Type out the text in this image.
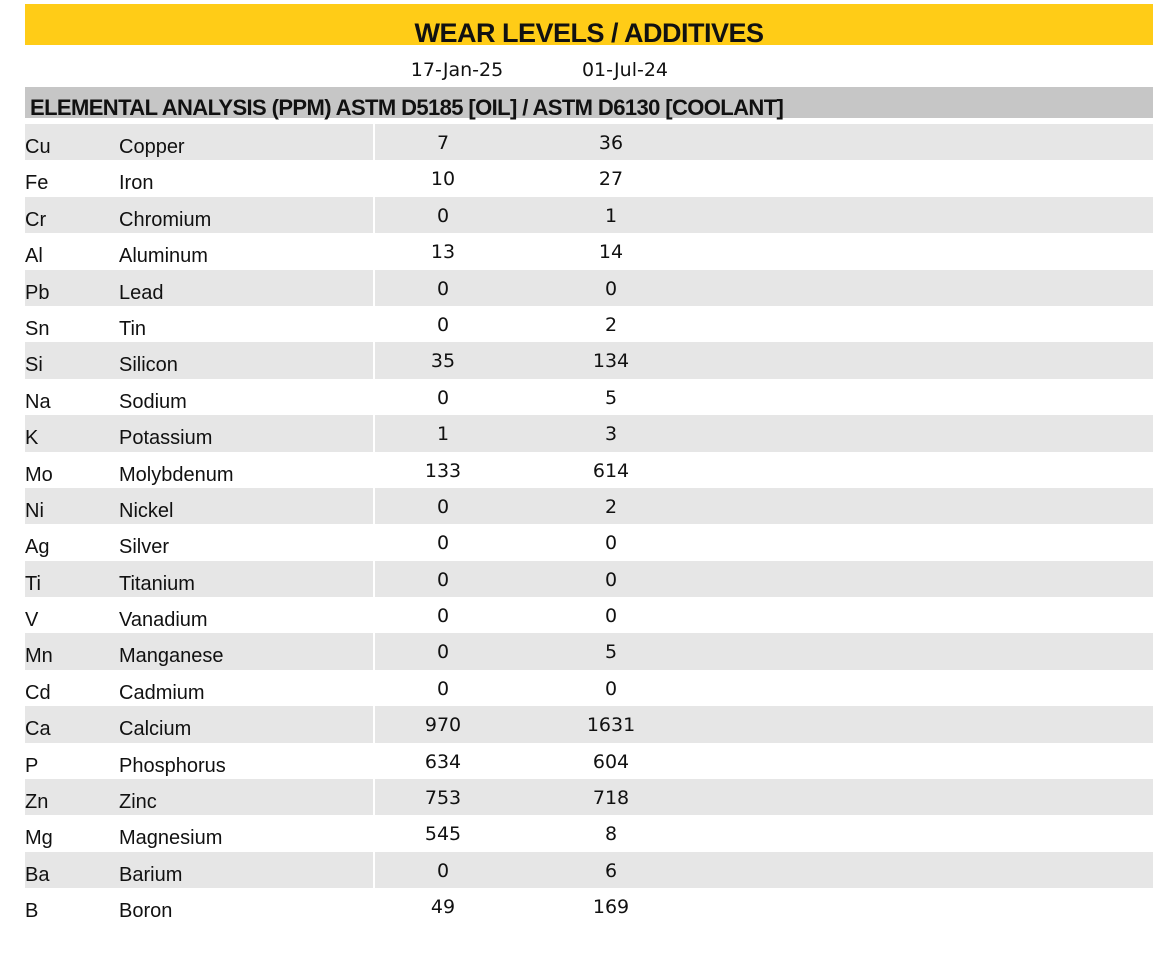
WEAR LEVELS / ADDITIVES
17-Jan-25	01-Jul-24
ELEMENTAL ANALYSIS (PPM) ASTM D5185 [OIL] / ASTM D6130 [COOLANT]
Cu	Copper	7	36
Fe	Iron	10	27
Cr	Chromium	0	1
Al	Aluminum	13	14
Pb	Lead	0	0
Sn	Tin	0	2
Si	Silicon	35	134
Na	Sodium	0	5
K	Potassium	1	3
Mo	Molybdenum	133	614
Ni	Nickel	0	2
Ag	Silver	0	0
Ti	Titanium	0	0
V	Vanadium	0	0
Mn	Manganese	0	5
Cd	Cadmium	0	0
Ca	Calcium	970	1631
P	Phosphorus	634	604
Zn	Zinc	753	718
Mg	Magnesium	545	8
Ba	Barium	0	6
B	Boron	49	169
